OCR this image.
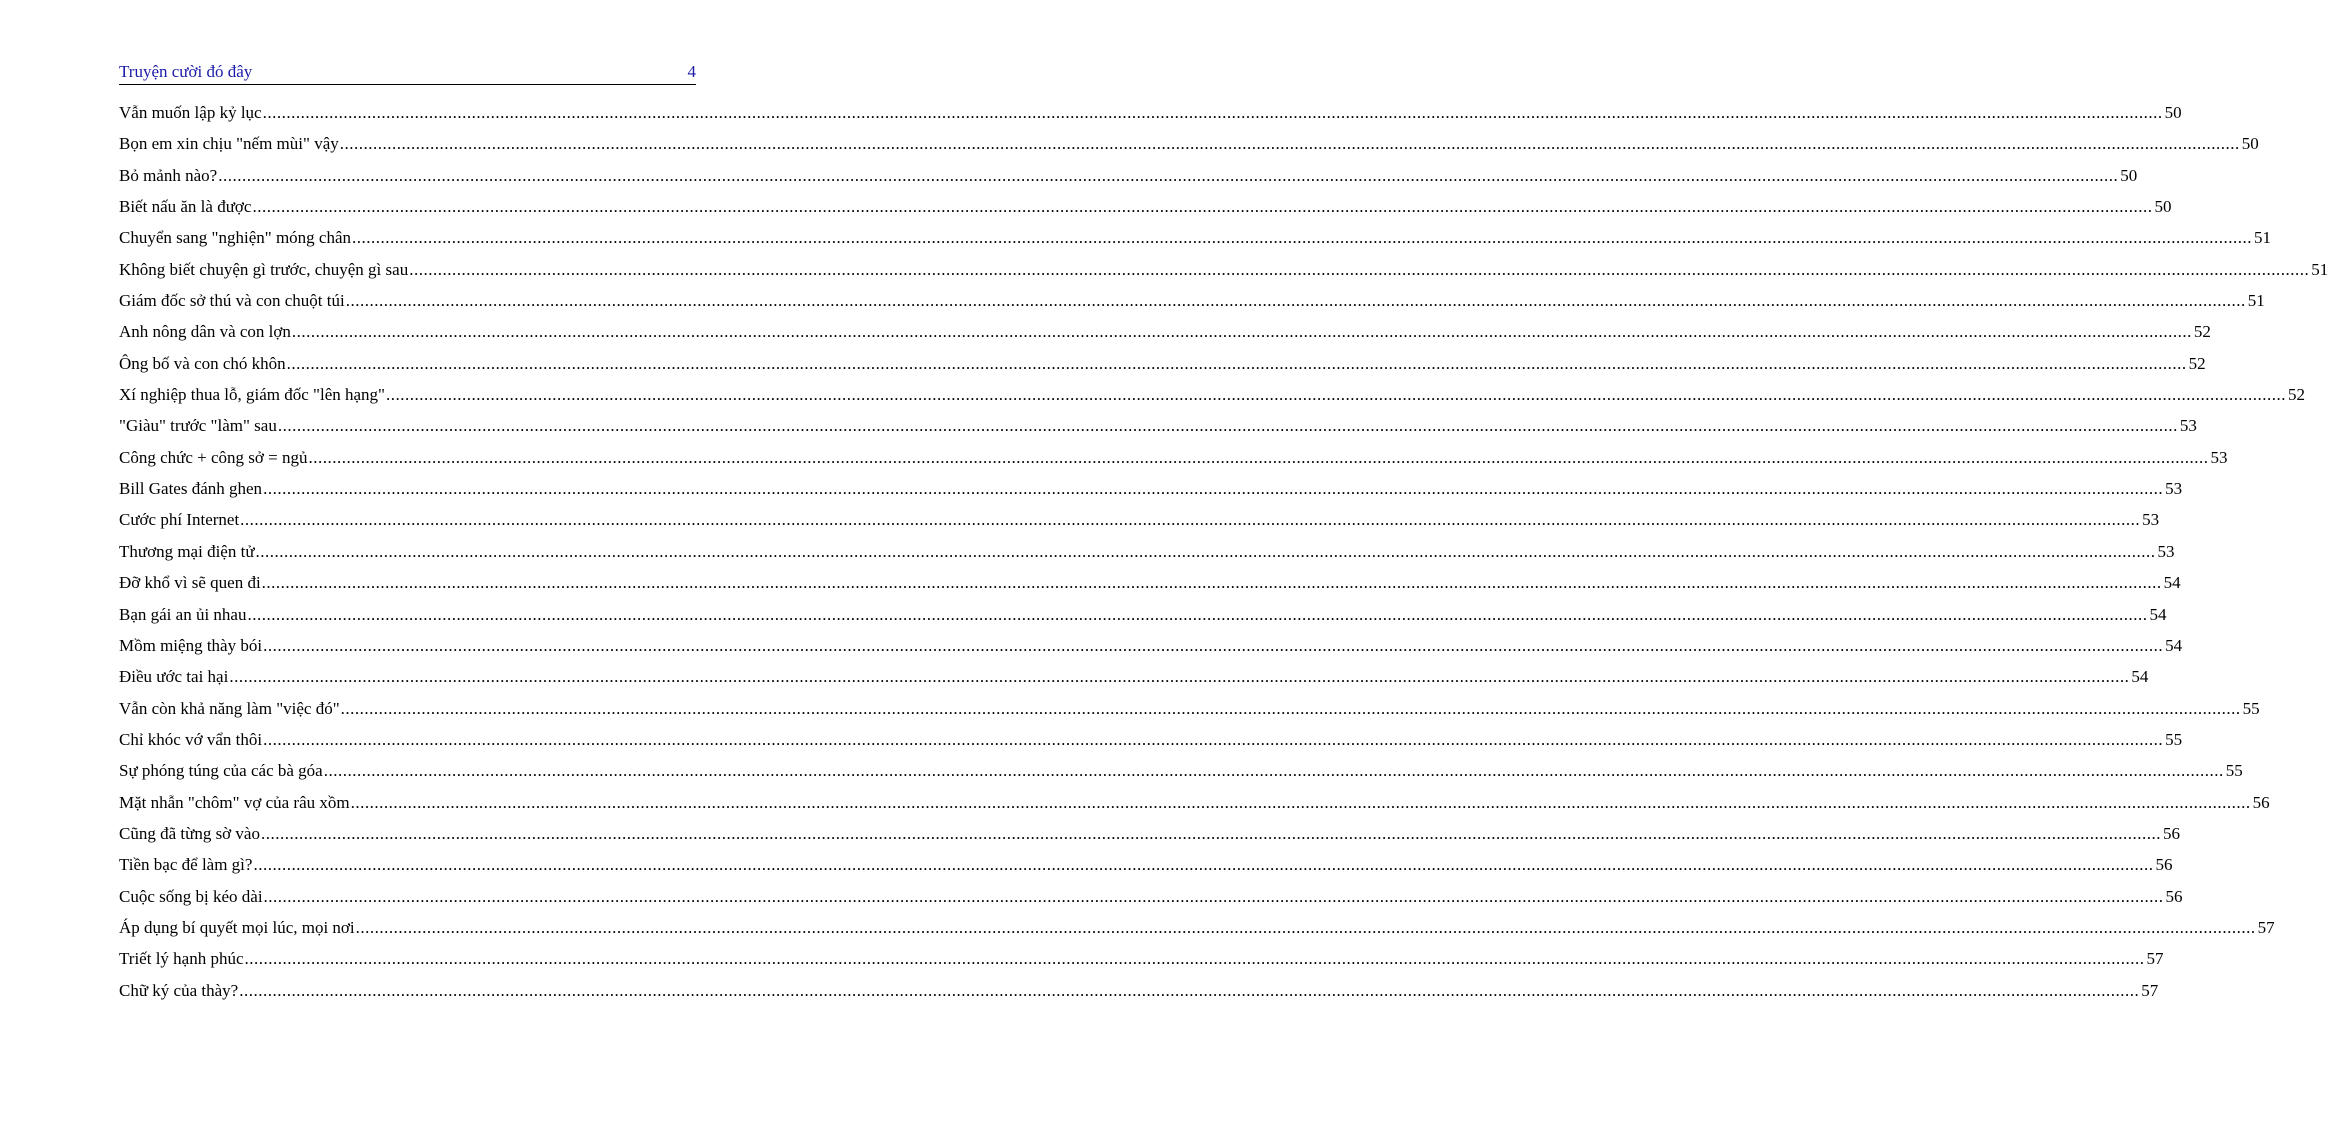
Truyện cười đó đây	4
Vẫn muốn lập kỷ lục ................................................................................................................................................................................................................................................................................................................................................................................................................ 50
Bọn em xin chịu "nếm mùi" vậy ................................................................................................................................................................................................................................................................................................................................................................................................................ 50
Bỏ mảnh nào? ................................................................................................................................................................................................................................................................................................................................................................................................................ 50
Biết nấu ăn là được ................................................................................................................................................................................................................................................................................................................................................................................................................ 50
Chuyển sang "nghiện" móng chân ................................................................................................................................................................................................................................................................................................................................................................................................................ 51
Không biết chuyện gì trước, chuyện gì sau ................................................................................................................................................................................................................................................................................................................................................................................................................ 51
Giám đốc sở thú và con chuột túi ................................................................................................................................................................................................................................................................................................................................................................................................................ 51
Anh nông dân và con lợn ................................................................................................................................................................................................................................................................................................................................................................................................................ 52
Ông bố và con chó khôn ................................................................................................................................................................................................................................................................................................................................................................................................................ 52
Xí nghiệp thua lỗ, giám đốc "lên hạng" ................................................................................................................................................................................................................................................................................................................................................................................................................ 52
"Giàu" trước "làm" sau ................................................................................................................................................................................................................................................................................................................................................................................................................ 53
Công chức + công sở = ngủ ................................................................................................................................................................................................................................................................................................................................................................................................................ 53
Bill Gates đánh ghen ................................................................................................................................................................................................................................................................................................................................................................................................................ 53
Cước phí Internet ................................................................................................................................................................................................................................................................................................................................................................................................................ 53
Thương mại điện tử ................................................................................................................................................................................................................................................................................................................................................................................................................ 53
Đỡ khổ vì sẽ quen đi ................................................................................................................................................................................................................................................................................................................................................................................................................ 54
Bạn gái an ủi nhau ................................................................................................................................................................................................................................................................................................................................................................................................................ 54
Mồm miệng thày bói ................................................................................................................................................................................................................................................................................................................................................................................................................ 54
Điều ước tai hại ................................................................................................................................................................................................................................................................................................................................................................................................................ 54
Vẫn còn khả năng làm "việc đó" ................................................................................................................................................................................................................................................................................................................................................................................................................ 55
Chỉ khóc vớ vẩn thôi ................................................................................................................................................................................................................................................................................................................................................................................................................ 55
Sự phóng túng của các bà góa ................................................................................................................................................................................................................................................................................................................................................................................................................ 55
Mặt nhẫn "chôm" vợ của râu xồm ................................................................................................................................................................................................................................................................................................................................................................................................................ 56
Cũng đã từng sờ vào ................................................................................................................................................................................................................................................................................................................................................................................................................ 56
Tiền bạc để làm gì? ................................................................................................................................................................................................................................................................................................................................................................................................................ 56
Cuộc sống bị kéo dài ................................................................................................................................................................................................................................................................................................................................................................................................................ 56
Áp dụng bí quyết mọi lúc, mọi nơi ................................................................................................................................................................................................................................................................................................................................................................................................................ 57
Triết lý hạnh phúc ................................................................................................................................................................................................................................................................................................................................................................................................................ 57
Chữ ký của thày? ................................................................................................................................................................................................................................................................................................................................................................................................................ 57
